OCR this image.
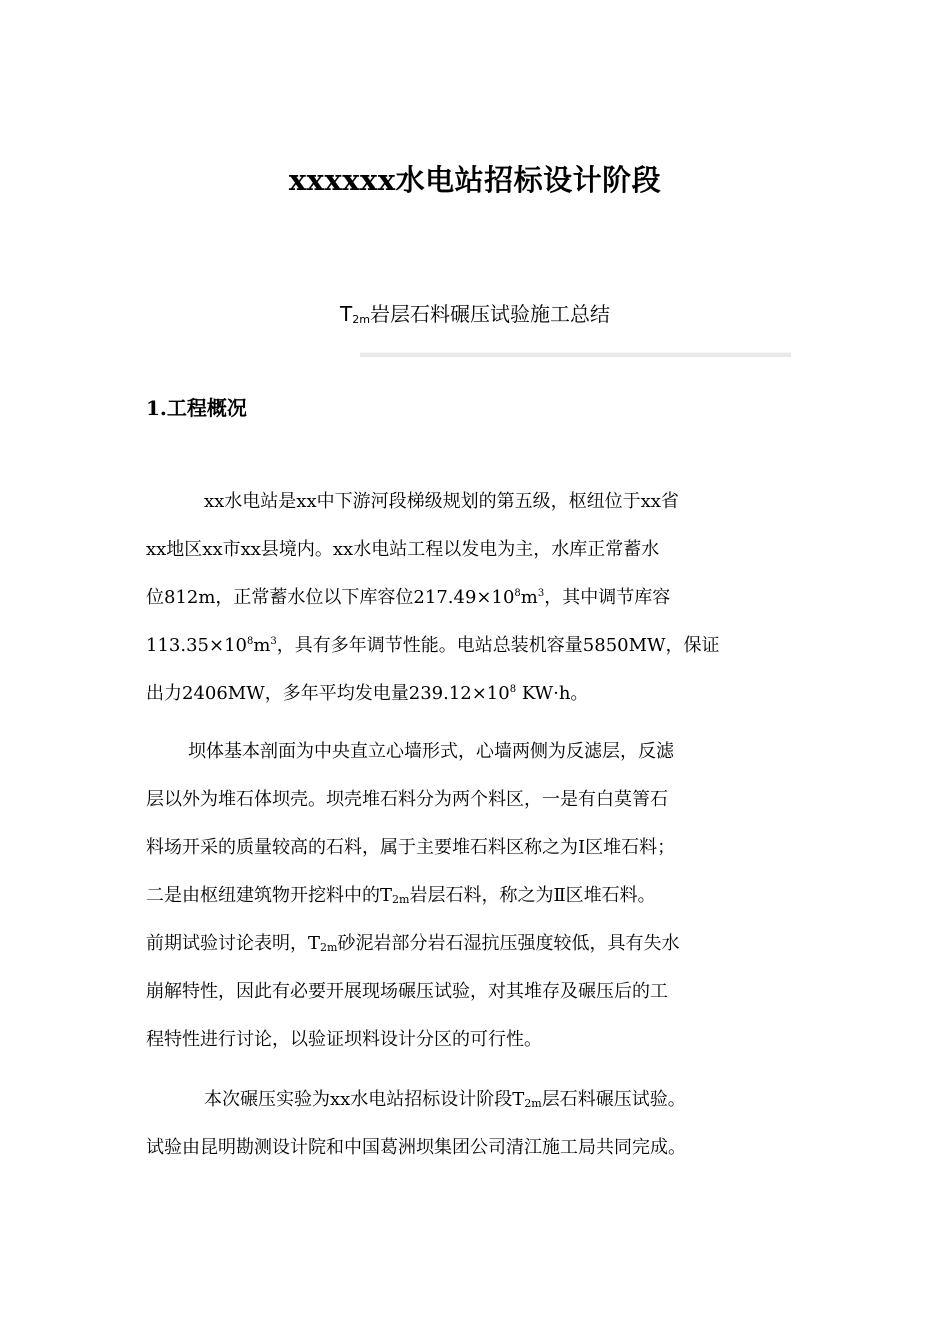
xxxxxx水电站招标设计阶段
$T_{2m}$岩层石料碾压试验施工总结
▁▁▁▁▁▁▁▁▁▁▁▁▁▁▁▁▁▁▁▁
1.工程概况
xx水电站是xx中下游河段梯级规划的第五级，枢纽位于xx省
xx地区xx市xx县境内。xx水电站工程以发电为主，水库正常蓄水
位812m，正常蓄水位以下库容位$217.49\times 10^8m^3$，其中调节库容
$113.35\times 10^8m^3$，具有多年调节性能。电站总装机容量5850MW，保证
出力2406MW，多年平均发电量$239.12\times 10^8$ KW·h。
坝体基本剖面为中央直立心墙形式，心墙两侧为反滤层，反滤
层以外为堆石体坝壳。坝壳堆石料分为两个料区，一是有白莫箐石
料场开采的质量较高的石料，属于主要堆石料区称之为Ⅰ区堆石料；
二是由枢纽建筑物开挖料中的$T_{2m}$岩层石料，称之为Ⅱ区堆石料。
前期试验讨论表明，$T_{2m}$砂泥岩部分岩石湿抗压强度较低，具有失水
崩解特性，因此有必要开展现场碾压试验，对其堆存及碾压后的工
程特性进行讨论，以验证坝料设计分区的可行性。
本次碾压实验为xx水电站招标设计阶段$T_{2m}$层石料碾压试验。
试验由昆明勘测设计院和中国葛洲坝集团公司清江施工局共同完成。
